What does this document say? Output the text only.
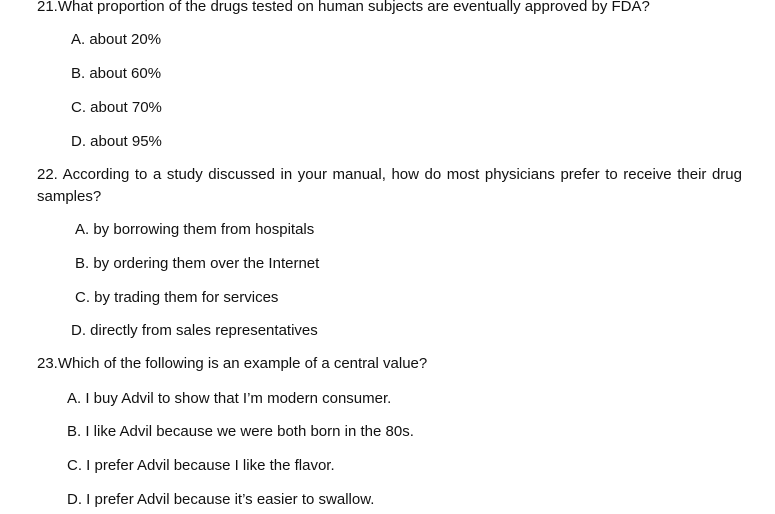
21.What proportion of the drugs tested on human subjects are eventually approved by FDA?
A. about 20%
B. about 60%
C. about 70%
D. about 95%
22. According to a study discussed in your manual, how do most physicians prefer to receive their drug samples?
A. by borrowing them from hospitals
B. by ordering them over the Internet
C. by trading them for services
D. directly from sales representatives
23.Which of the following is an example of a central value?
A. I buy Advil to show that I’m modern consumer.
B. I like Advil because we were both born in the 80s.
C. I prefer Advil because I like the flavor.
D. I prefer Advil because it’s easier to swallow.
